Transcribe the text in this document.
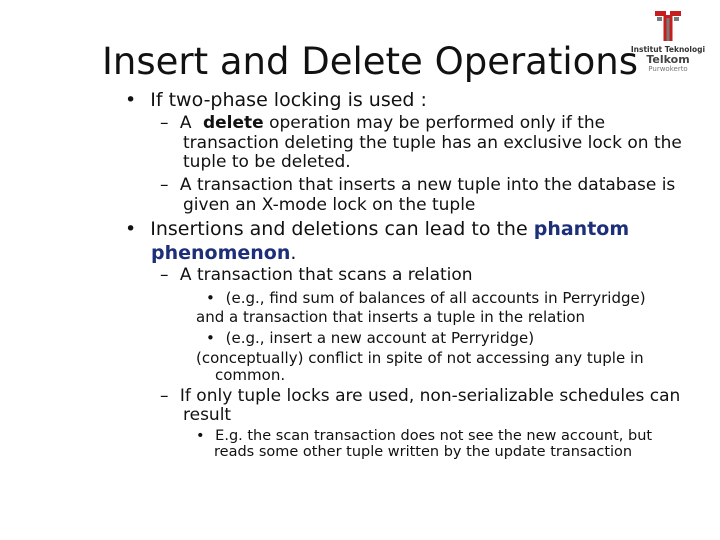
Insert and Delete Operations
Institut Teknologi
Telkom
Purwokerto
• If two-phase locking is used :
– A delete operation may be performed only if the
transaction deleting the tuple has an exclusive lock on the
tuple to be deleted.
– A transaction that inserts a new tuple into the database is
given an X-mode lock on the tuple
• Insertions and deletions can lead to the phantom
phenomenon.
– A transaction that scans a relation
• (e.g., find sum of balances of all accounts in Perryridge)
and a transaction that inserts a tuple in the relation
• (e.g., insert a new account at Perryridge)
(conceptually) conflict in spite of not accessing any tuple in
common.
– If only tuple locks are used, non-serializable schedules can
result
• E.g. the scan transaction does not see the new account, but
reads some other tuple written by the update transaction
